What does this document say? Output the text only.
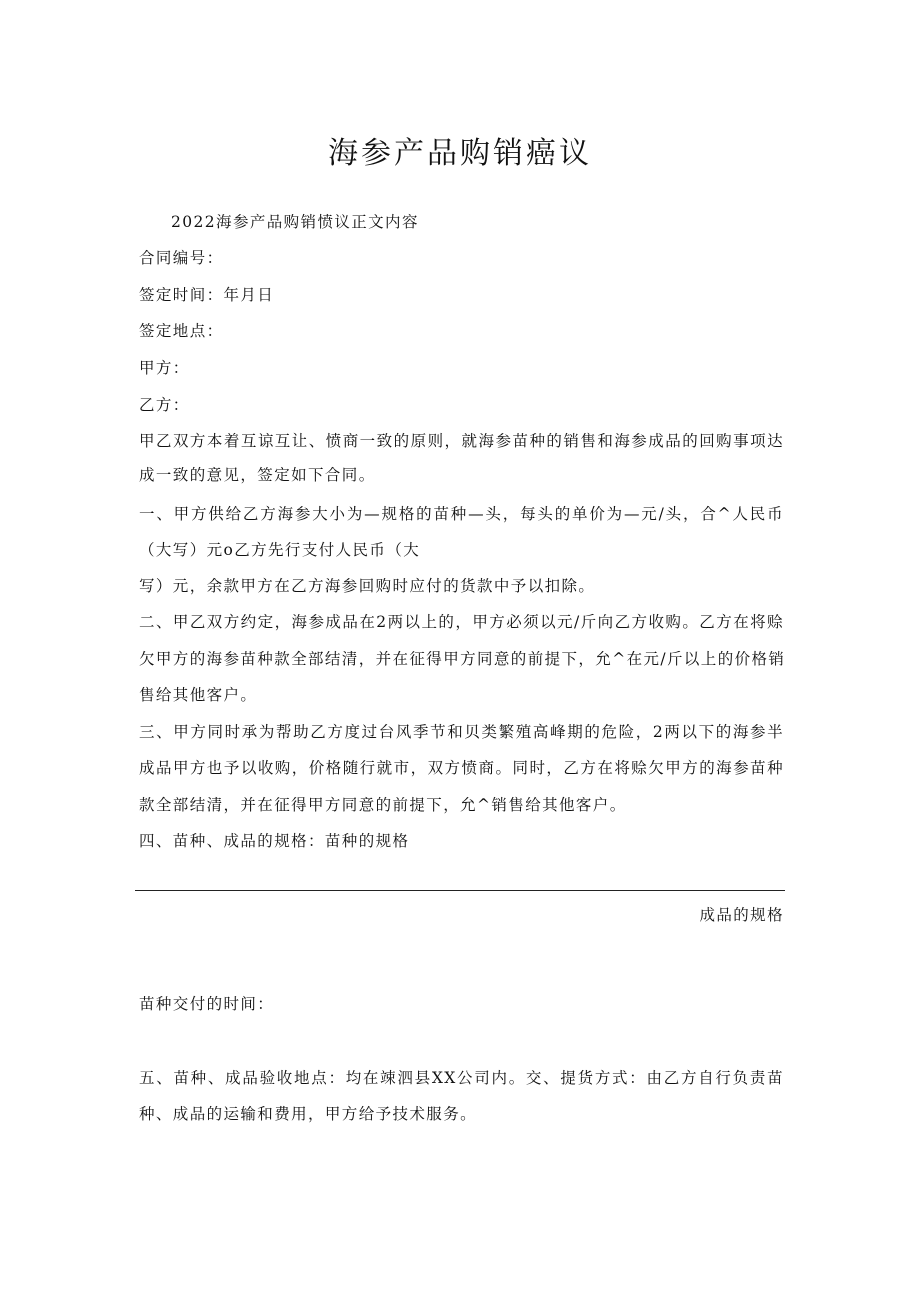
海参产品购销癌议
2022海参产品购销愤议正文内容
合同编号：
签定时间：年月日
签定地点：
甲方：
乙方：
甲乙双方本着互谅互让、愤商一致的原则，就海参苗种的销售和海参成品的回购事项达
成一致的意见，签定如下合同。
一、甲方供给乙方海参大小为—规格的苗种—头，每头的单价为—元/头，合^人民币
（大写）元o乙方先行支付人民币（大
写）元，余款甲方在乙方海参回购时应付的货款中予以扣除。
二、甲乙双方约定，海参成品在2两以上的，甲方必须以元/斤向乙方收购。乙方在将赊
欠甲方的海参苗种款全部结清，并在征得甲方同意的前提下，允^在元/斤以上的价格销
售给其他客户。
三、甲方同时承为帮助乙方度过台风季节和贝类繁殖高峰期的危险，2两以下的海参半
成品甲方也予以收购，价格随行就市，双方愤商。同时，乙方在将赊欠甲方的海参苗种
款全部结清，并在征得甲方同意的前提下，允^销售给其他客户。
四、苗种、成品的规格：苗种的规格
成品的规格
苗种交付的时间：
五、苗种、成品验收地点：均在竦泗县XX公司内。交、提货方式：由乙方自行负责苗
种、成品的运输和费用，甲方给予技术服务。
